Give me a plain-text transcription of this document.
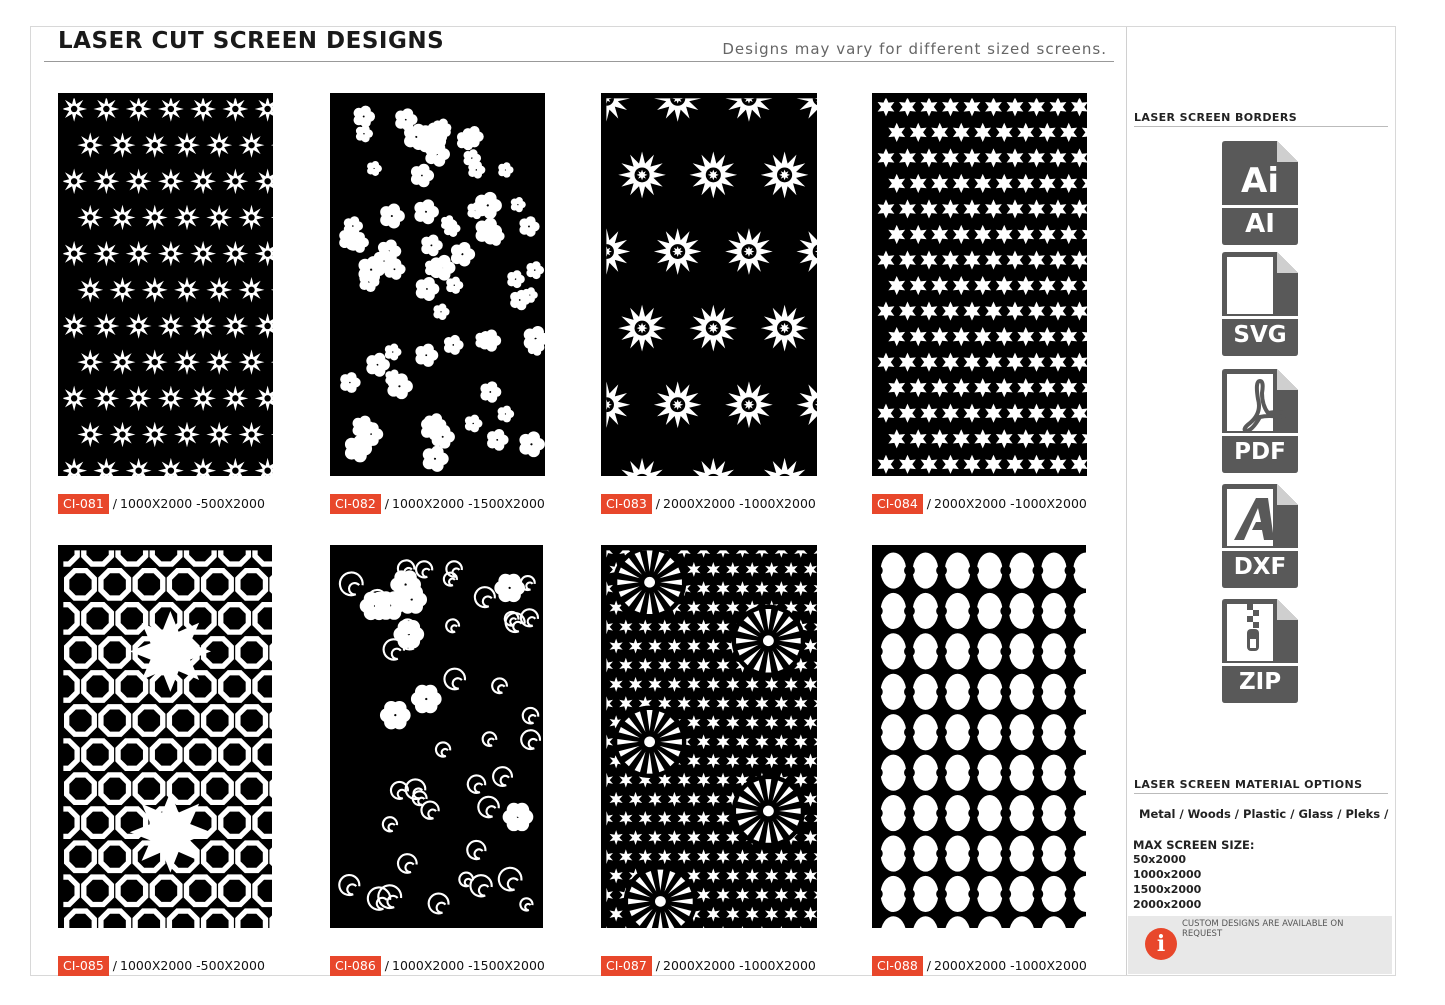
LASER CUT SCREEN DESIGNS	Designs may vary for different sized screens.
CI-081 / 1000X2000 -500X2000	CI-082 / 1000X2000 -1500X2000	CI-083 / 2000X2000 -1000X2000	CI-084 / 2000X2000 -1000X2000
CI-085 / 1000X2000 -500X2000	CI-086 / 1000X2000 -1500X2000	CI-087 / 2000X2000 -1000X2000	CI-088 / 2000X2000 -1000X2000
LASER SCREEN BORDERS
Ai
AI
SVG
PDF
DXF
ZIP
LASER SCREEN MATERIAL OPTIONS
Metal / Woods / Plastic / Glass / Pleks /
MAX SCREEN SIZE:
50x2000
1000x2000
1500x2000
2000x2000
i
CUSTOM DESIGNS ARE AVAILABLE ON REQUEST
